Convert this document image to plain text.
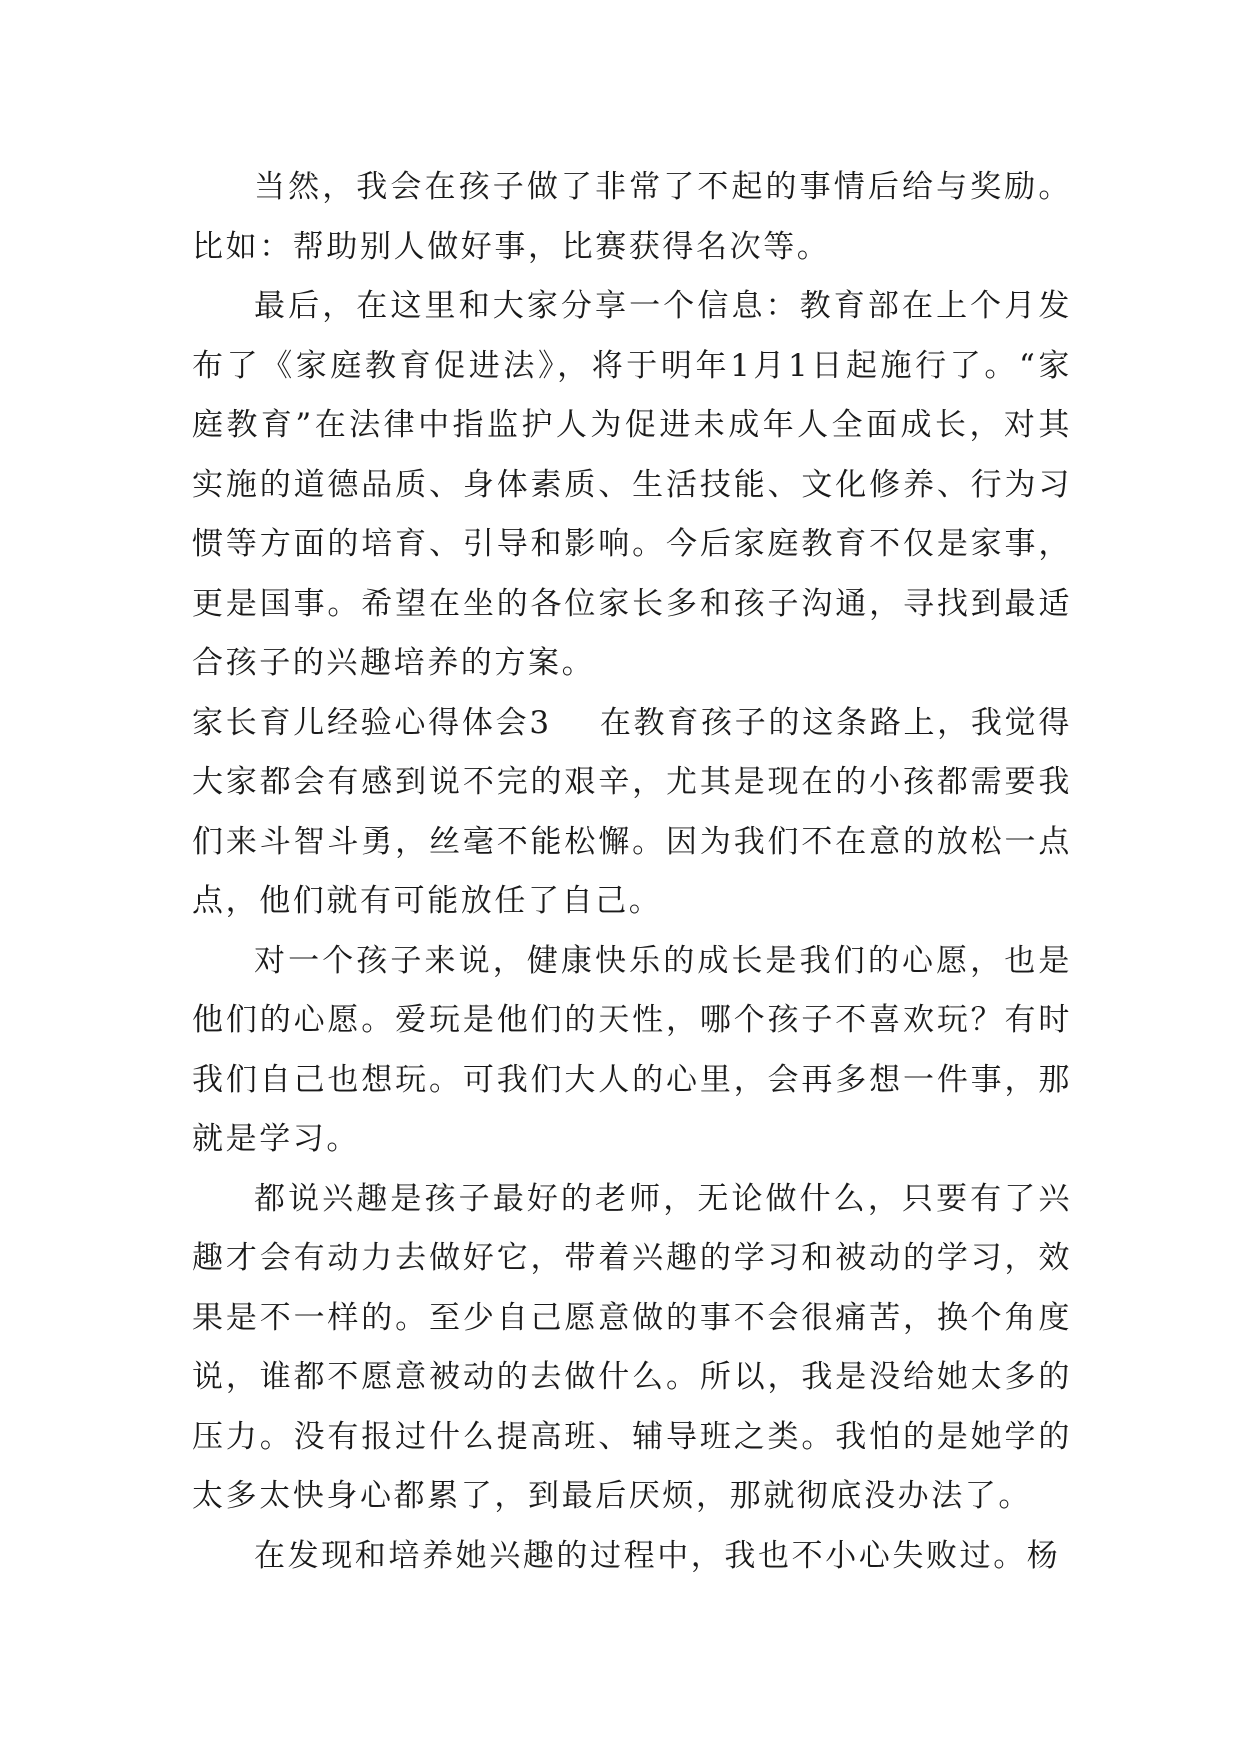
当然，我会在孩子做了非常了不起的事情后给与奖励。比如：帮助别人做好事，比赛获得名次等。

最后，在这里和大家分享一个信息：教育部在上个月发布了《家庭教育促进法》，将于明年1月1日起施行了。“家庭教育”在法律中指监护人为促进未成年人全面成长，对其实施的道德品质、身体素质、生活技能、文化修养、行为习惯等方面的培育、引导和影响。今后家庭教育不仅是家事，更是国事。希望在坐的各位家长多和孩子沟通，寻找到最适合孩子的兴趣培养的方案。

家长育儿经验心得体会3 在教育孩子的这条路上，我觉得大家都会有感到说不完的艰辛，尤其是现在的小孩都需要我们来斗智斗勇，丝毫不能松懈。因为我们不在意的放松一点点，他们就有可能放任了自己。

对一个孩子来说，健康快乐的成长是我们的心愿，也是他们的心愿。爱玩是他们的天性，哪个孩子不喜欢玩？有时我们自己也想玩。可我们大人的心里，会再多想一件事，那就是学习。

都说兴趣是孩子最好的老师，无论做什么，只要有了兴趣才会有动力去做好它，带着兴趣的学习和被动的学习，效果是不一样的。至少自己愿意做的事不会很痛苦，换个角度说，谁都不愿意被动的去做什么。所以，我是没给她太多的压力。没有报过什么提高班、辅导班之类。我怕的是她学的太多太快身心都累了，到最后厌烦，那就彻底没办法了。

在发现和培养她兴趣的过程中，我也不小心失败过。杨
